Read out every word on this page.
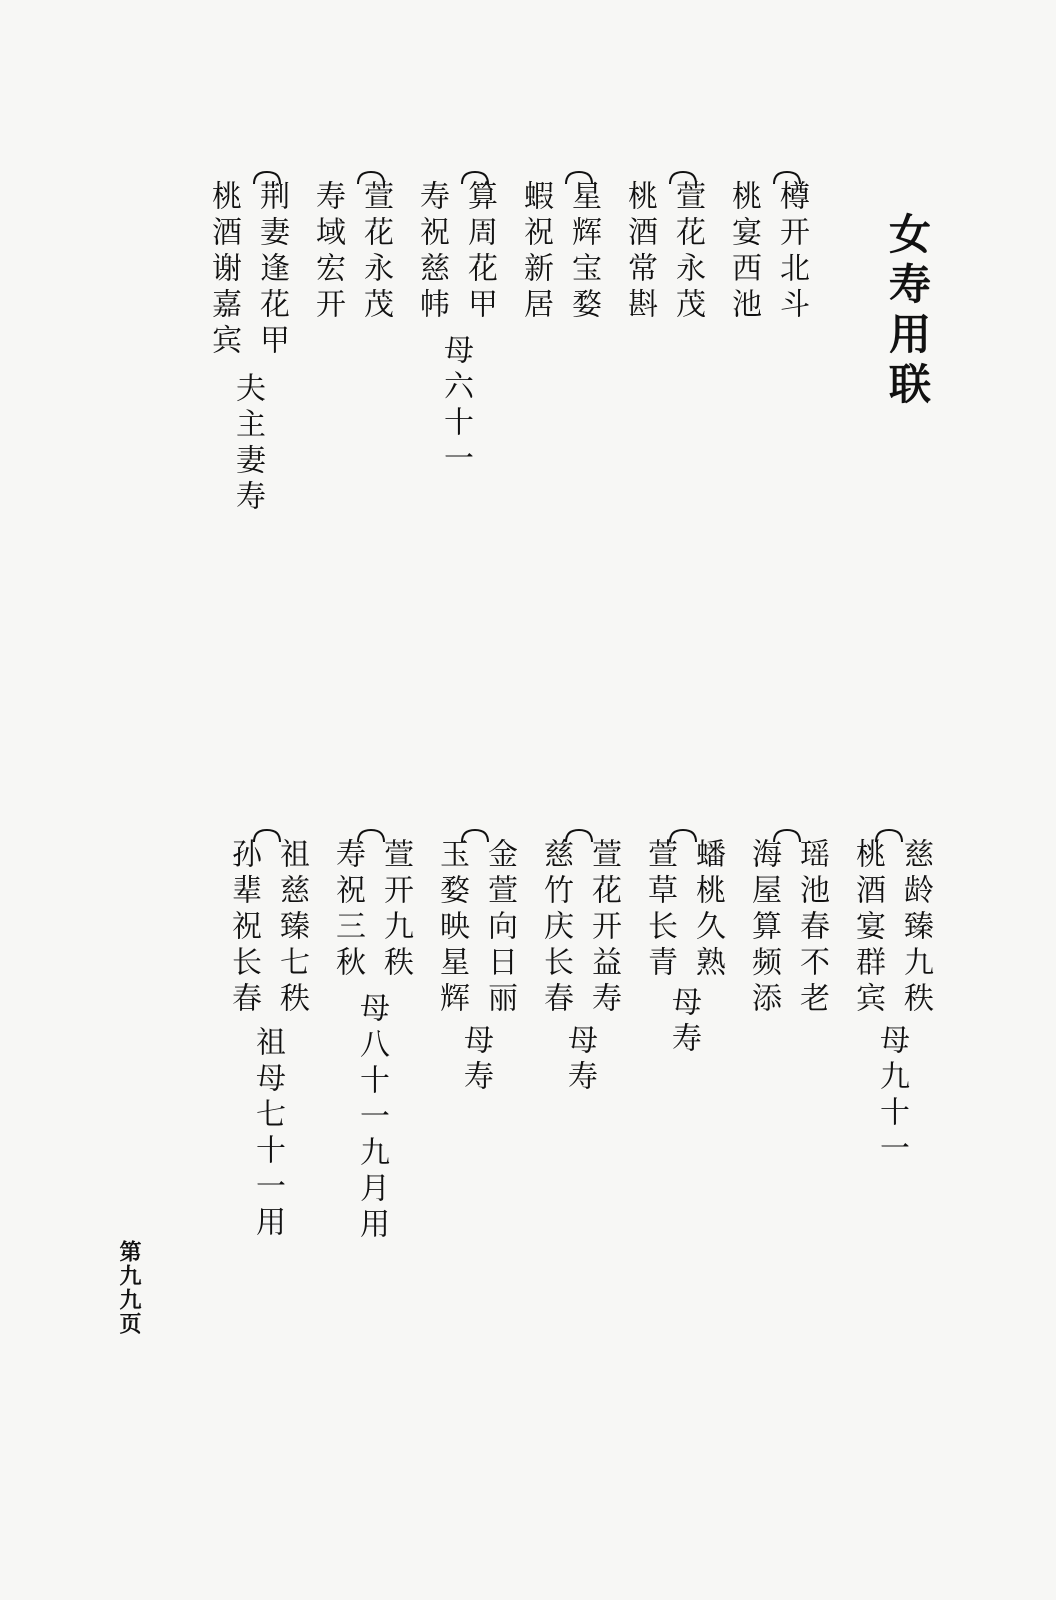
女寿用联
樽开北斗
桃宴西池
萱花永茂
桃酒常斟
星辉宝婺
蝦祝新居
算周花甲
寿祝慈帏
母六十一
萱花永茂
寿域宏开
荆妻逢花甲
桃酒谢嘉宾
夫主妻寿
慈龄臻九秩
桃酒宴群宾
母九十一
瑶池春不老
海屋算频添
蟠桃久熟
萱草长青
母寿
萱花开益寿
慈竹庆长春
母寿
金萱向日丽
玉婺映星辉
母寿
萱开九秩
寿祝三秋
母八十一九月用
祖慈臻七秩
孙辈祝长春
祖母七十一用
第九九页
